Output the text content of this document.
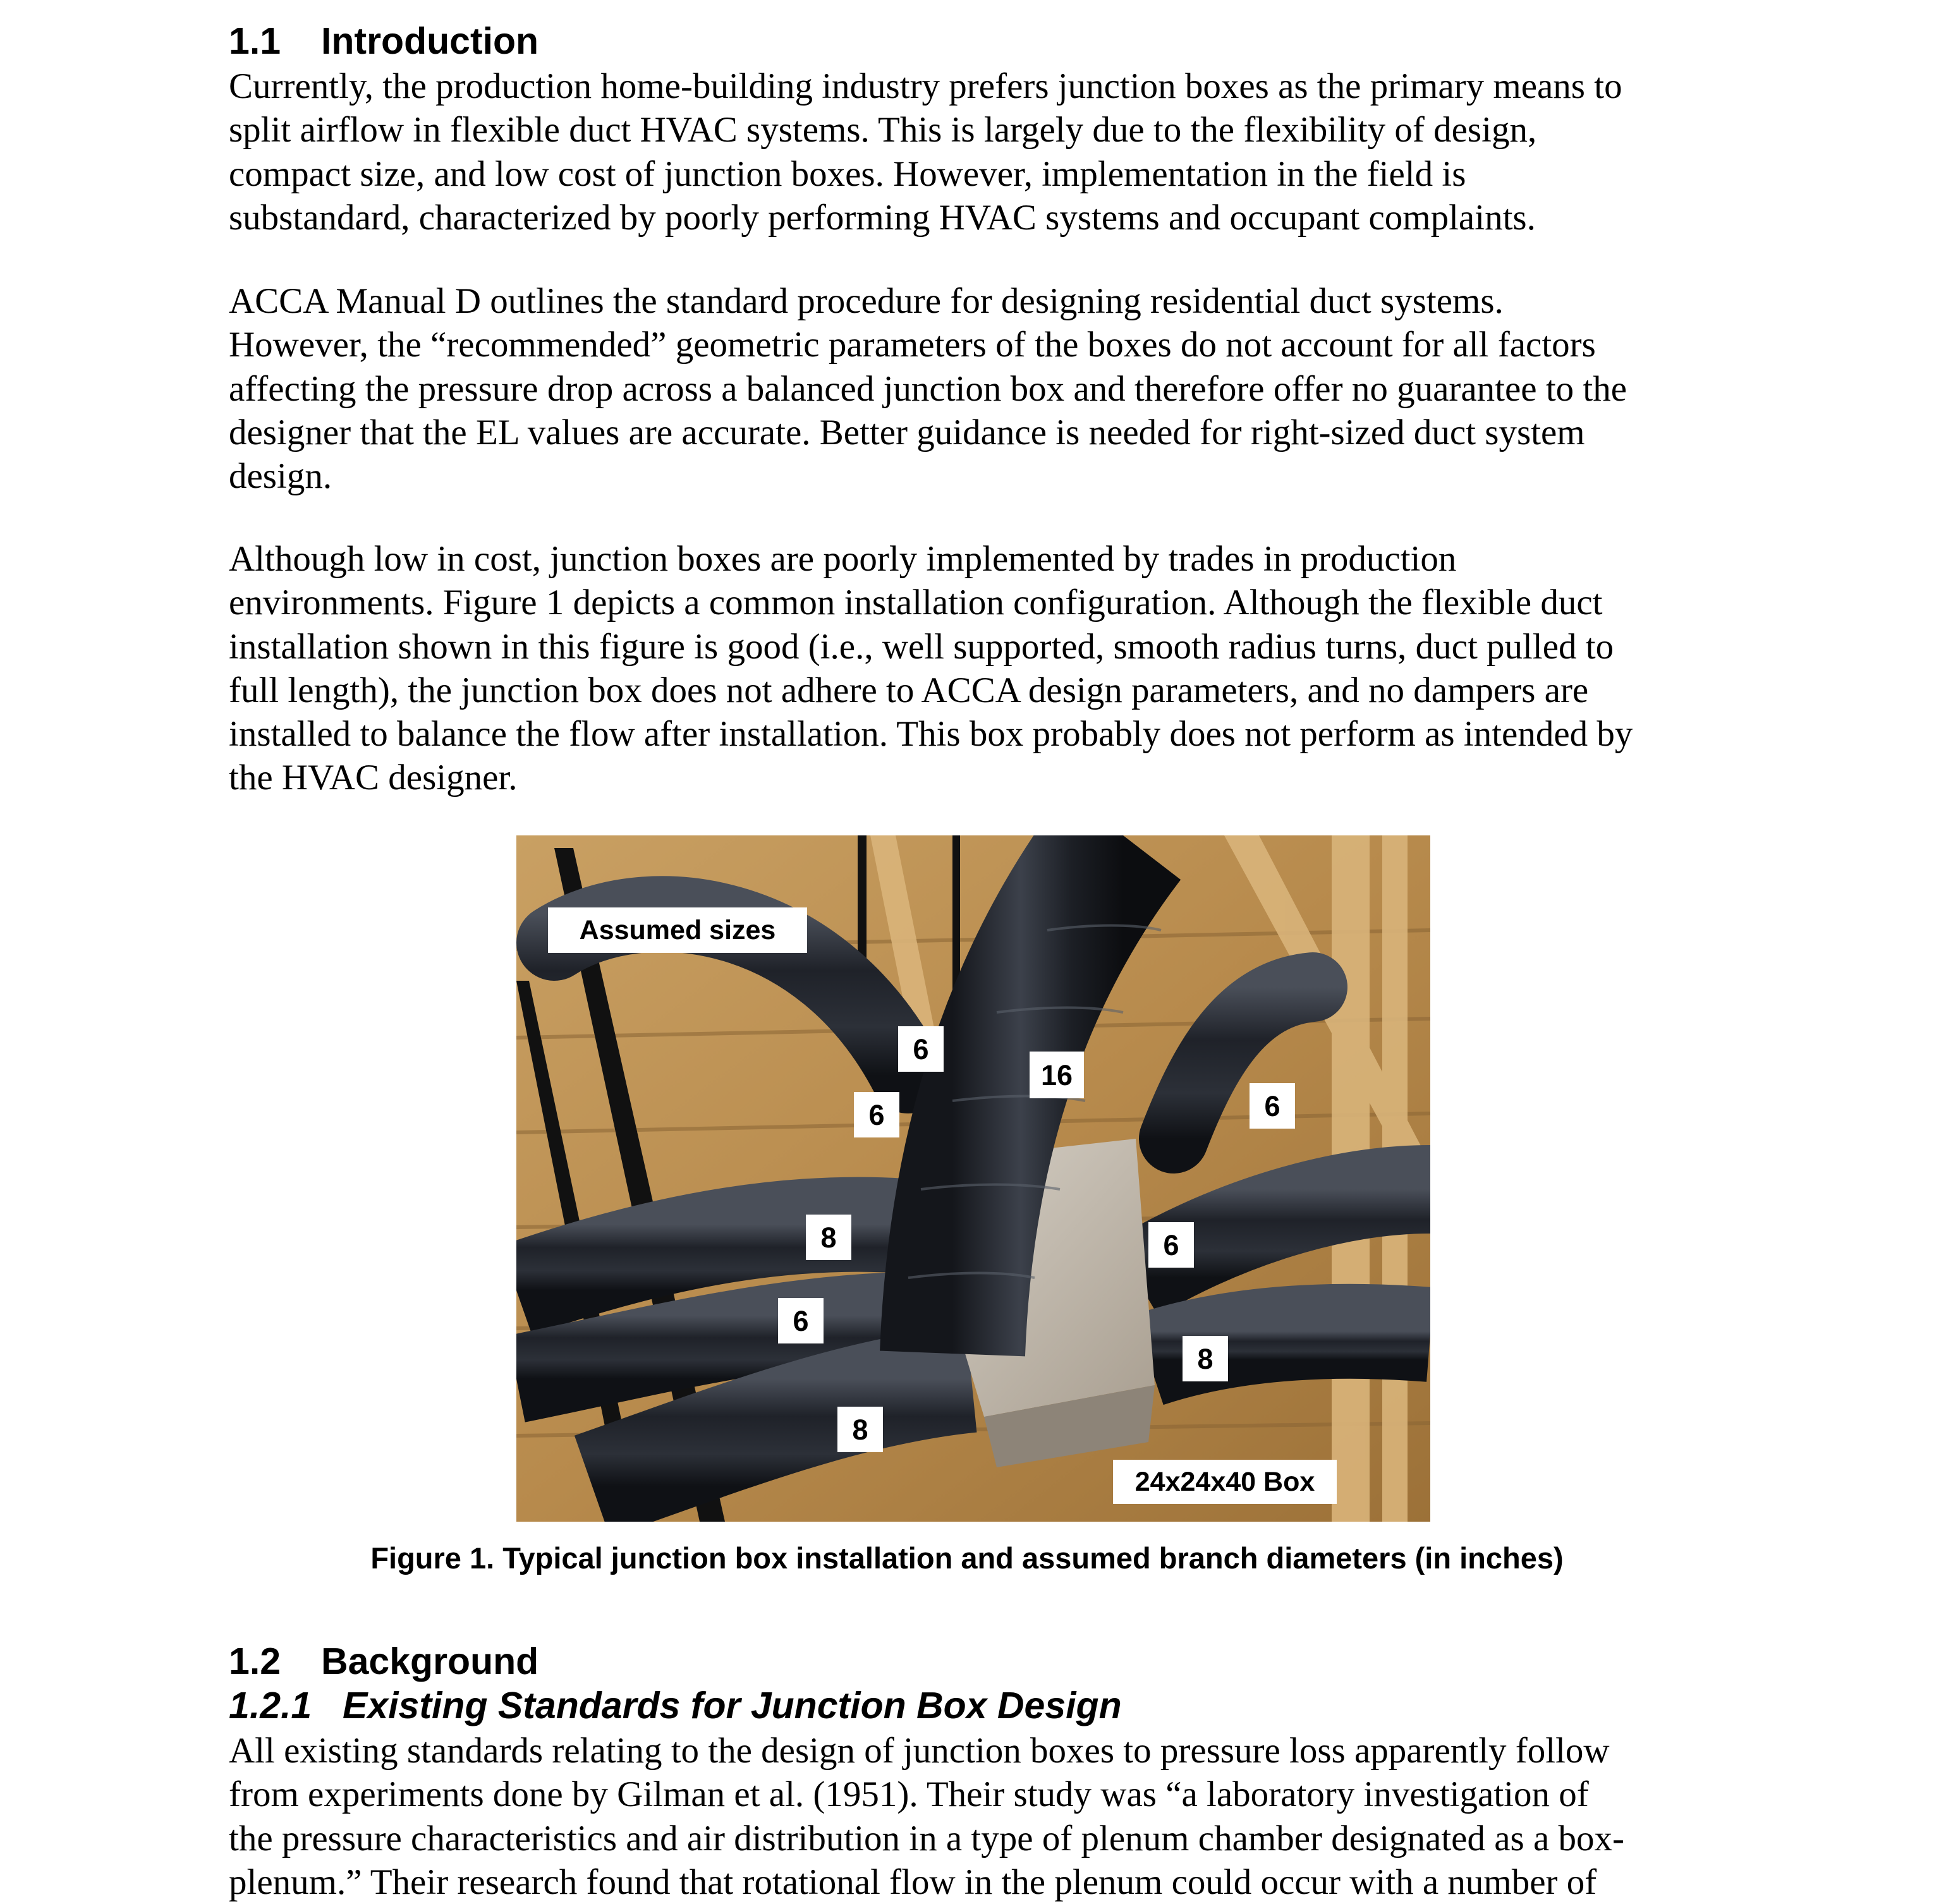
1.1 Introduction

Currently, the production home-building industry prefers junction boxes as the primary means to
split airflow in flexible duct HVAC systems. This is largely due to the flexibility of design,
compact size, and low cost of junction boxes. However, implementation in the field is
substandard, characterized by poorly performing HVAC systems and occupant complaints.

ACCA Manual D outlines the standard procedure for designing residential duct systems.
However, the “recommended” geometric parameters of the boxes do not account for all factors
affecting the pressure drop across a balanced junction box and therefore offer no guarantee to the
designer that the EL values are accurate. Better guidance is needed for right-sized duct system
design.

Although low in cost, junction boxes are poorly implemented by trades in production
environments. Figure 1 depicts a common installation configuration. Although the flexible duct
installation shown in this figure is good (i.e., well supported, smooth radius turns, duct pulled to
full length), the junction box does not adhere to ACCA design parameters, and no dampers are
installed to balance the flow after installation. This box probably does not perform as intended by
the HVAC designer.

Assumed sizes
6
6
16
6
8	6
6
8
8
24x24x40 Box

Figure 1. Typical junction box installation and assumed branch diameters (in inches)

1.2 Background
1.2.1 Existing Standards for Junction Box Design

All existing standards relating to the design of junction boxes to pressure loss apparently follow
from experiments done by Gilman et al. (1951). Their study was “a laboratory investigation of
the pressure characteristics and air distribution in a type of plenum chamber designated as a box-
plenum.” Their research found that rotational flow in the plenum could occur with a number of
